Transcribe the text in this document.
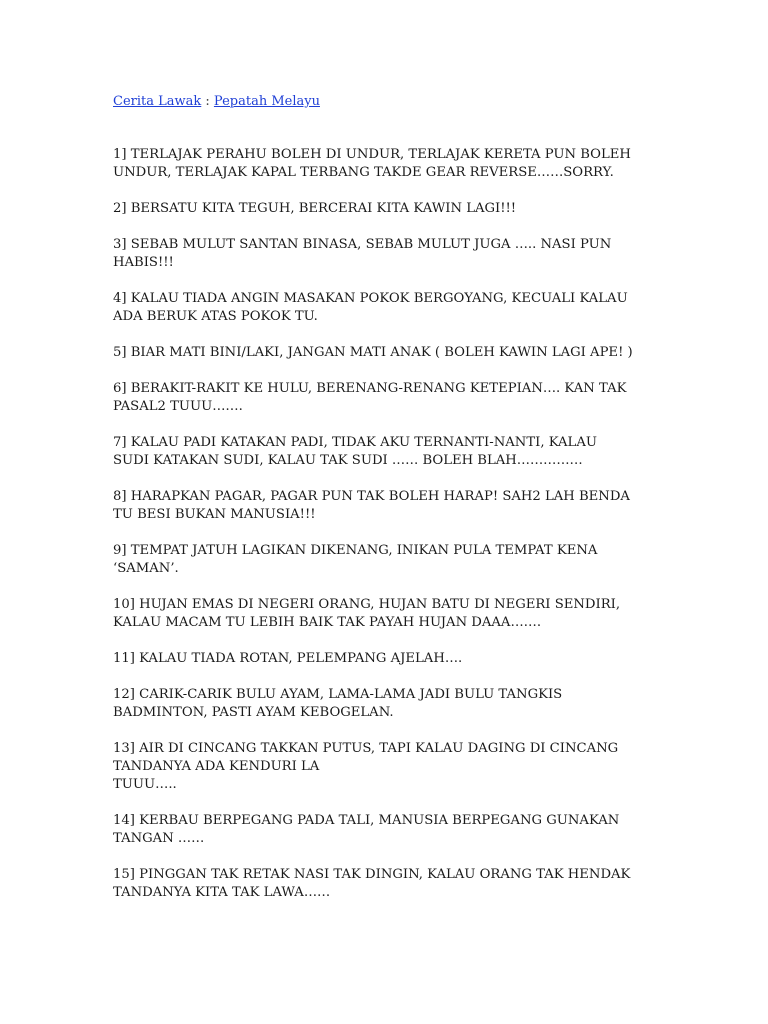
Cerita Lawak : Pepatah Melayu
1] TERLAJAK PERAHU BOLEH DI UNDUR, TERLAJAK KERETA PUN BOLEH
UNDUR, TERLAJAK KAPAL TERBANG TAKDE GEAR REVERSE……SORRY.
2] BERSATU KITA TEGUH, BERCERAI KITA KAWIN LAGI!!!
3] SEBAB MULUT SANTAN BINASA, SEBAB MULUT JUGA ….. NASI PUN
HABIS!!!
4] KALAU TIADA ANGIN MASAKAN POKOK BERGOYANG, KECUALI KALAU
ADA BERUK ATAS POKOK TU.
5] BIAR MATI BINI/LAKI, JANGAN MATI ANAK ( BOLEH KAWIN LAGI APE! )
6] BERAKIT-RAKIT KE HULU, BERENANG-RENANG KETEPIAN…. KAN TAK
PASAL2 TUUU…….
7] KALAU PADI KATAKAN PADI, TIDAK AKU TERNANTI-NANTI, KALAU
SUDI KATAKAN SUDI, KALAU TAK SUDI …… BOLEH BLAH……………
8] HARAPKAN PAGAR, PAGAR PUN TAK BOLEH HARAP! SAH2 LAH BENDA
TU BESI BUKAN MANUSIA!!!
9] TEMPAT JATUH LAGIKAN DIKENANG, INIKAN PULA TEMPAT KENA
‘SAMAN’.
10] HUJAN EMAS DI NEGERI ORANG, HUJAN BATU DI NEGERI SENDIRI,
KALAU MACAM TU LEBIH BAIK TAK PAYAH HUJAN DAAA…….
11] KALAU TIADA ROTAN, PELEMPANG AJELAH….
12] CARIK-CARIK BULU AYAM, LAMA-LAMA JADI BULU TANGKIS
BADMINTON, PASTI AYAM KEBOGELAN.
13] AIR DI CINCANG TAKKAN PUTUS, TAPI KALAU DAGING DI CINCANG
TANDANYA ADA KENDURI LA
TUUU…..
14] KERBAU BERPEGANG PADA TALI, MANUSIA BERPEGANG GUNAKAN
TANGAN ……
15] PINGGAN TAK RETAK NASI TAK DINGIN, KALAU ORANG TAK HENDAK
TANDANYA KITA TAK LAWA……
